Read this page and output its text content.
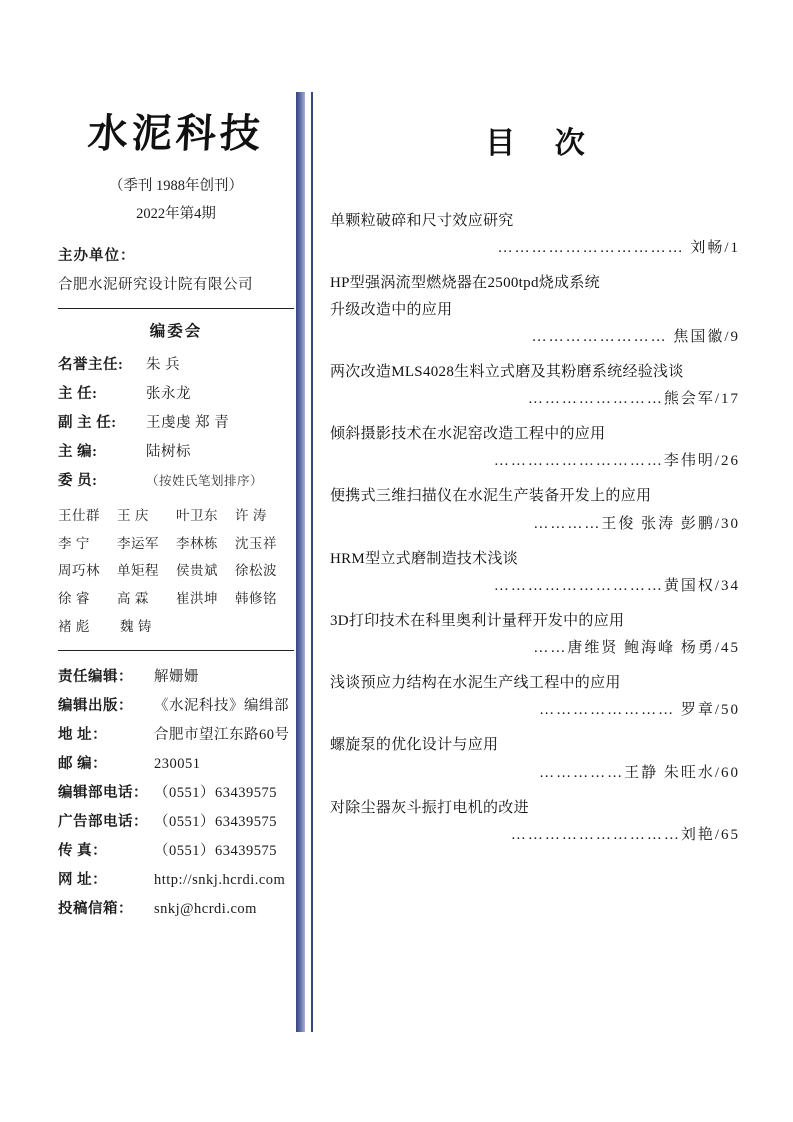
水泥科技
（季刊 1988年创刊）
2022年第4期
主办单位：
合肥水泥研究设计院有限公司
编委会
名誉主任:	朱 兵
主 任:	张永龙
副 主 任:	王虔虔 郑 青
主 编:	陆树标
委 员:	（按姓氏笔划排序）
王仕群	王 庆	叶卫东	许 涛
李 宁	李运军	李林栋	沈玉祥
周巧林	单矩程	侯贵斌	徐松波
徐 睿	高 霖	崔洪坤	韩修铭
褚 彪	魏 铸
责任编辑：	解姗姗
编辑出版：	《水泥科技》编缉部
地 址：	合肥市望江东路60号
邮 编：	230051
编辑部电话： （0551）63439575
广告部电话： （0551）63439575
传 真：	（0551）63439575
网 址：	http://snkj.hcrdi.com
投稿信箱：	snkj@hcrdi.com
目 次
单颗粒破碎和尺寸效应研究
…………………………… 刘畅/1
HP型强涡流型燃烧器在2500tpd烧成系统
升级改造中的应用
…………………… 焦国徽/9
两次改造MLS4028生料立式磨及其粉磨系统经验浅谈
……………………熊会军/17
倾斜摄影技术在水泥窑改造工程中的应用
…………………………李伟明/26
便携式三维扫描仪在水泥生产装备开发上的应用
…………王俊 张涛 彭鹏/30
HRM型立式磨制造技术浅谈
…………………………黄国权/34
3D打印技术在科里奥利计量秤开发中的应用
……唐维贤 鲍海峰 杨勇/45
浅谈预应力结构在水泥生产线工程中的应用
…………………… 罗章/50
螺旋泵的优化设计与应用
……………王静 朱旺水/60
对除尘器灰斗振打电机的改进
…………………………刘艳/65
